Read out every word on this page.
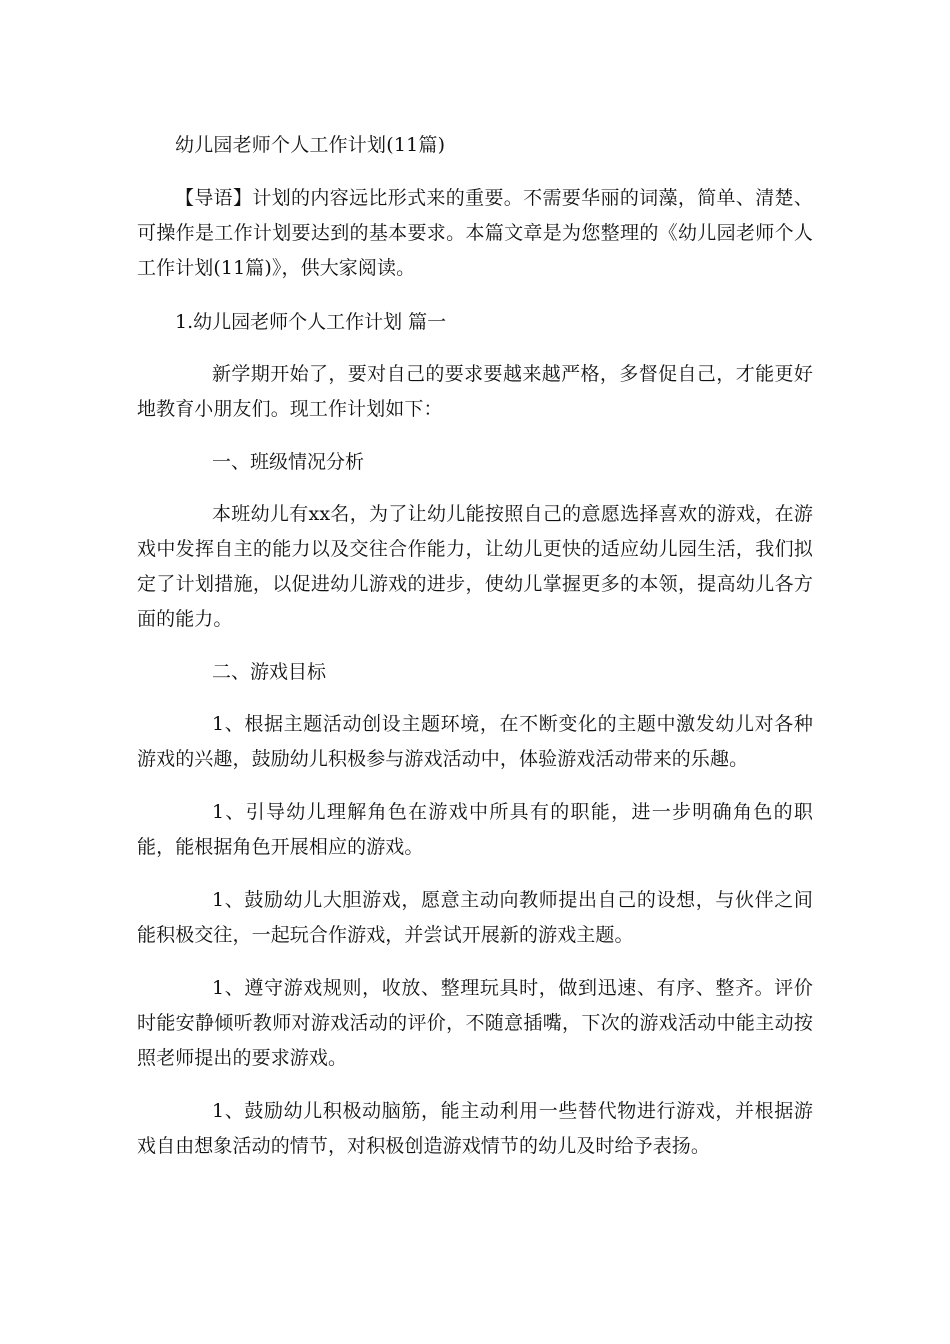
幼儿园老师个人工作计划(11篇)

【导语】计划的内容远比形式来的重要。不需要华丽的词藻，简单、清楚、可操作是工作计划要达到的基本要求。本篇文章是为您整理的《幼儿园老师个人工作计划(11篇)》，供大家阅读。

1.幼儿园老师个人工作计划 篇一

新学期开始了，要对自己的要求要越来越严格，多督促自己，才能更好地教育小朋友们。现工作计划如下：

一、班级情况分析

本班幼儿有xx名，为了让幼儿能按照自己的意愿选择喜欢的游戏，在游戏中发挥自主的能力以及交往合作能力，让幼儿更快的适应幼儿园生活，我们拟定了计划措施，以促进幼儿游戏的进步，使幼儿掌握更多的本领，提高幼儿各方面的能力。

二、游戏目标

1、根据主题活动创设主题环境，在不断变化的主题中激发幼儿对各种游戏的兴趣，鼓励幼儿积极参与游戏活动中，体验游戏活动带来的乐趣。

1、引导幼儿理解角色在游戏中所具有的职能，进一步明确角色的职能，能根据角色开展相应的游戏。

1、鼓励幼儿大胆游戏，愿意主动向教师提出自己的设想，与伙伴之间能积极交往，一起玩合作游戏，并尝试开展新的游戏主题。

1、遵守游戏规则，收放、整理玩具时，做到迅速、有序、整齐。评价时能安静倾听教师对游戏活动的评价，不随意插嘴，下次的游戏活动中能主动按照老师提出的要求游戏。

1、鼓励幼儿积极动脑筋，能主动利用一些替代物进行游戏，并根据游戏自由想象活动的情节，对积极创造游戏情节的幼儿及时给予表扬。
